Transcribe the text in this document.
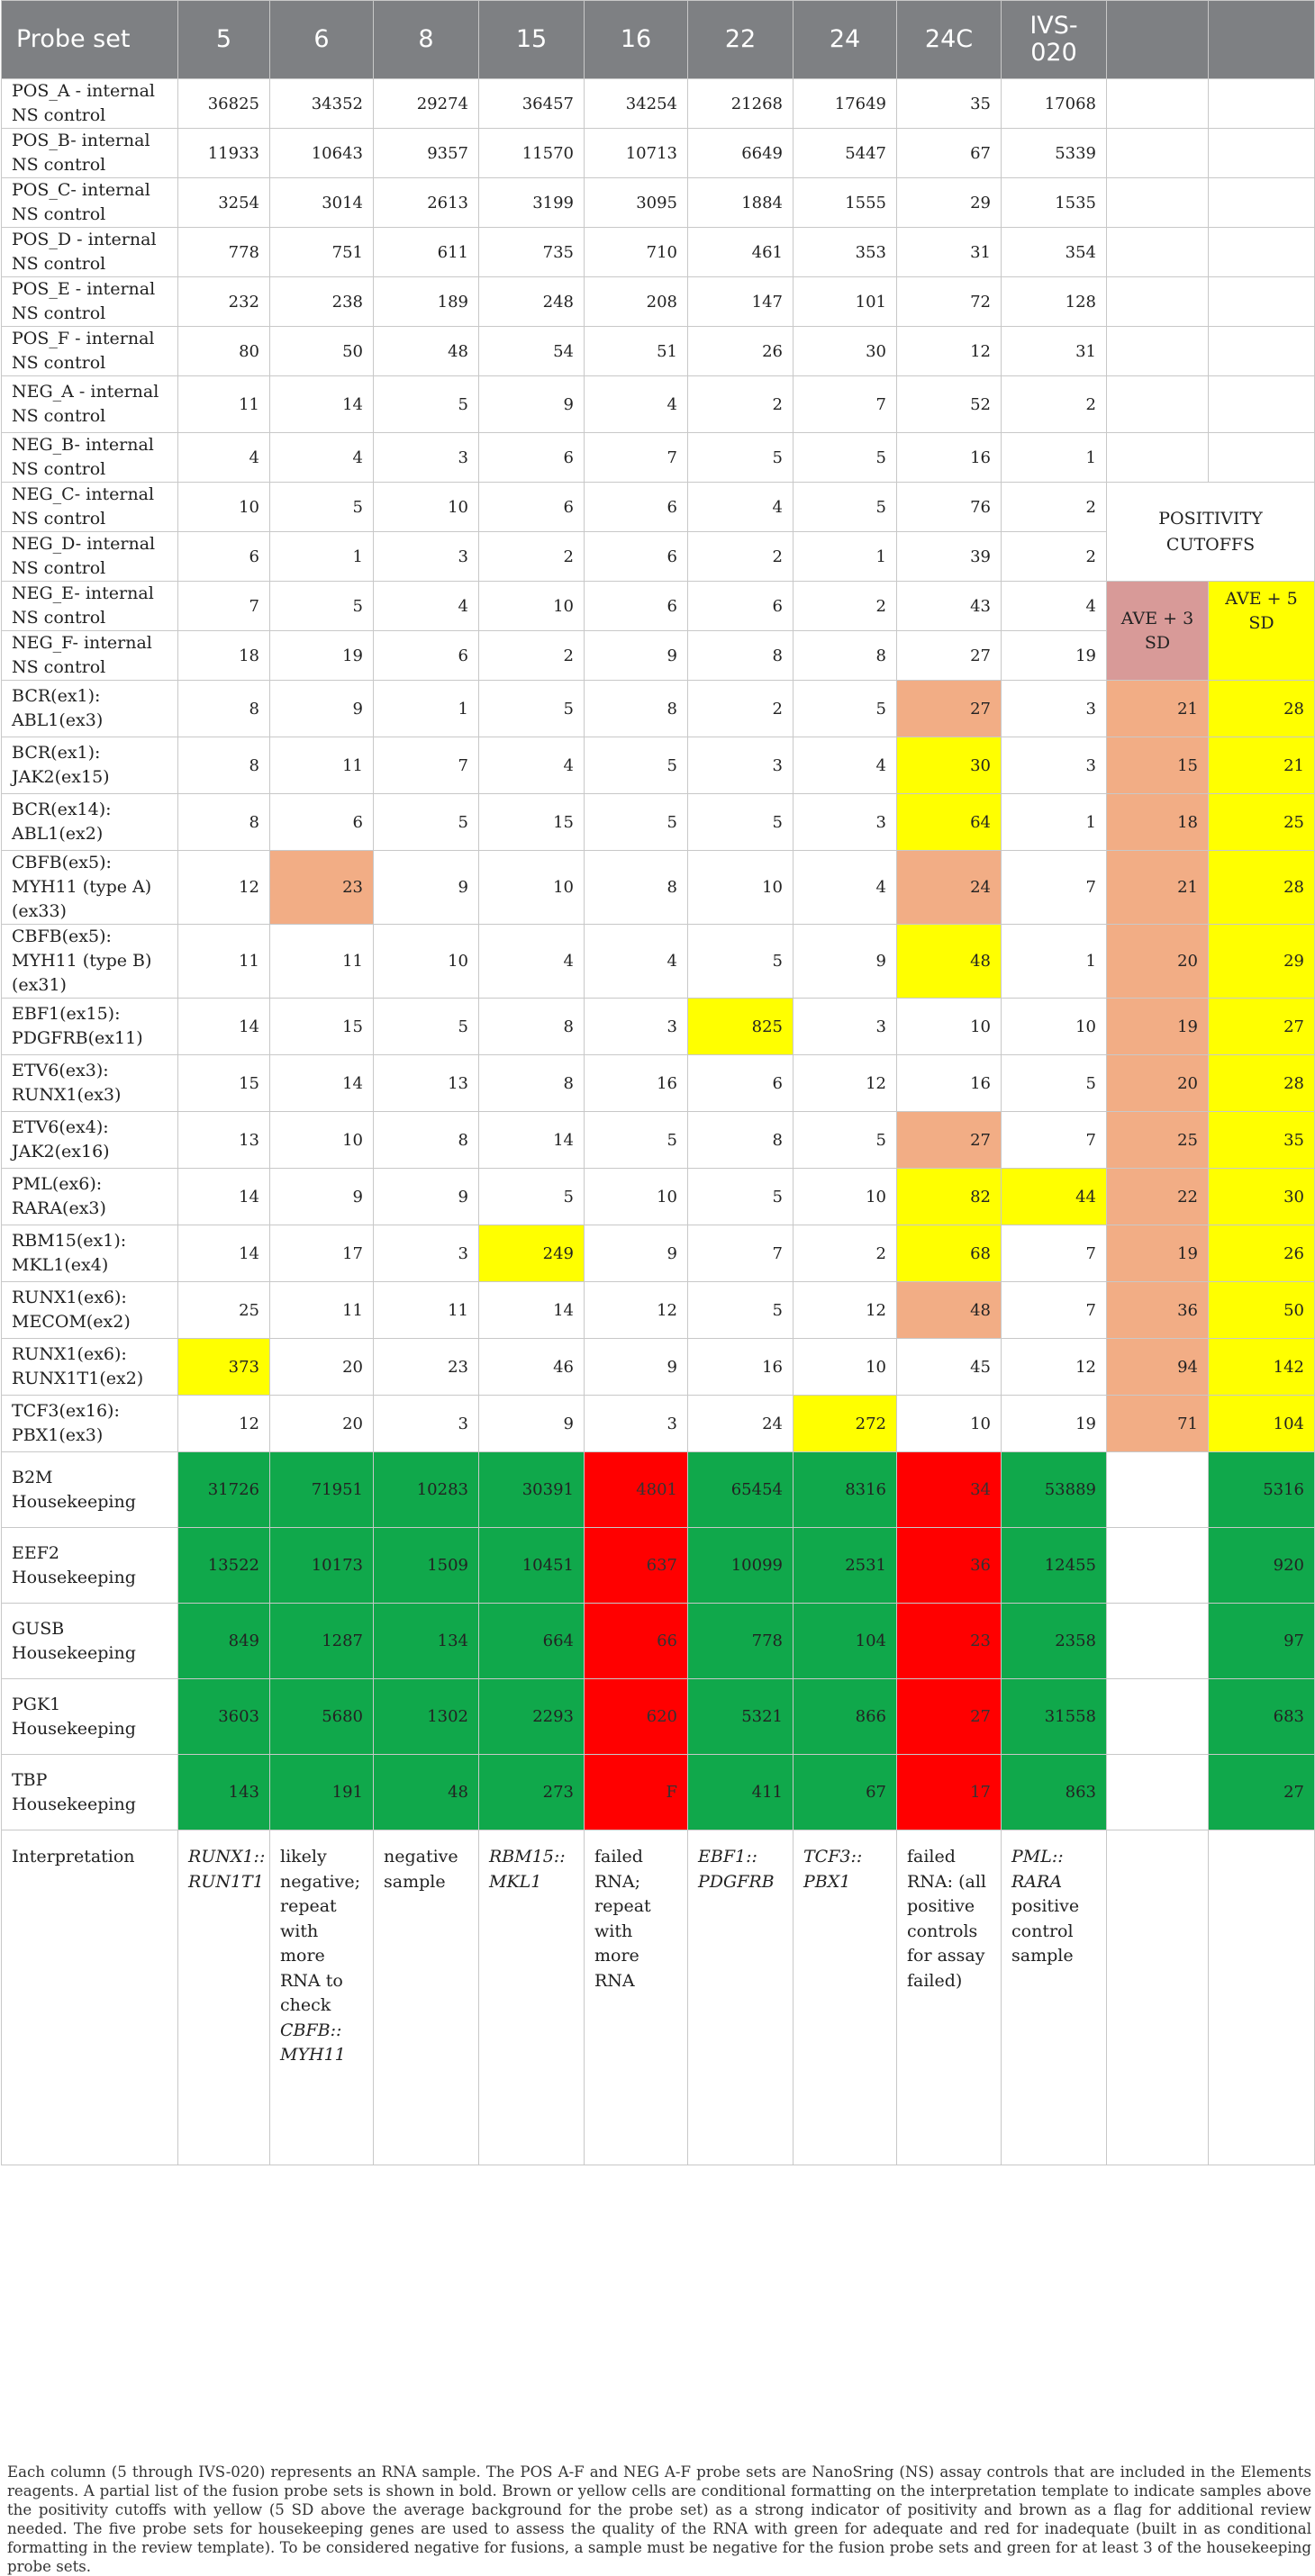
Probe set	5	6	8	15	16	22	24	24C	IVS-020		
POS_A - internal NS control	36825	34352	29274	36457	34254	21268	17649	35	17068		
POS_B- internal NS control	11933	10643	9357	11570	10713	6649	5447	67	5339		
POS_C- internal NS control	3254	3014	2613	3199	3095	1884	1555	29	1535		
POS_D - internal NS control	778	751	611	735	710	461	353	31	354		
POS_E - internal NS control	232	238	189	248	208	147	101	72	128		
POS_F - internal NS control	80	50	48	54	51	26	30	12	31		
NEG_A - internal NS control	11	14	5	9	4	2	7	52	2		
NEG_B- internal NS control	4	4	3	6	7	5	5	16	1		
NEG_C- internal NS control	10	5	10	6	6	4	5	76	2	POSITIVITY CUTOFFS	
NEG_D- internal NS control	6	1	3	2	6	2	1	39	2		
NEG_E- internal NS control	7	5	4	10	6	6	2	43	4	AVE + 3 SD	AVE + 5 SD
NEG_F- internal NS control	18	19	6	2	9	8	8	27	19		
BCR(ex1): ABL1(ex3)	8	9	1	5	8	2	5	27	3	21	28
BCR(ex1): JAK2(ex15)	8	11	7	4	5	3	4	30	3	15	21
BCR(ex14): ABL1(ex2)	8	6	5	15	5	5	3	64	1	18	25
CBFB(ex5): MYH11 (type A)(ex33)	12	23	9	10	8	10	4	24	7	21	28
CBFB(ex5): MYH11 (type B)(ex31)	11	11	10	4	4	5	9	48	1	20	29
EBF1(ex15): PDGFRB(ex11)	14	15	5	8	3	825	3	10	10	19	27
ETV6(ex3): RUNX1(ex3)	15	14	13	8	16	6	12	16	5	20	28
ETV6(ex4): JAK2(ex16)	13	10	8	14	5	8	5	27	7	25	35
PML(ex6): RARA(ex3)	14	9	9	5	10	5	10	82	44	22	30
RBM15(ex1): MKL1(ex4)	14	17	3	249	9	7	2	68	7	19	26
RUNX1(ex6): MECOM(ex2)	25	11	11	14	12	5	12	48	7	36	50
RUNX1(ex6): RUNX1T1(ex2)	373	20	23	46	9	16	10	45	12	94	142
TCF3(ex16): PBX1(ex3)	12	20	3	9	3	24	272	10	19	71	104
B2M Housekeeping	31726	71951	10283	30391	4801	65454	8316	34	53889		5316
EEF2 Housekeeping	13522	10173	1509	10451	637	10099	2531	36	12455		920
GUSB Housekeeping	849	1287	134	664	66	778	104	23	2358		97
PGK1 Housekeeping	3603	5680	1302	2293	620	5321	866	27	31558		683
TBP Housekeeping	143	191	48	273	F	411	67	17	863		27
Interpretation	RUNX1:: RUN1T1	likely negative; repeat with more RNA to check CBFB:: MYH11	negative sample	RBM15:: MKL1	failed RNA; repeat with more RNA	EBF1:: PDGFRB	TCF3:: PBX1	failed RNA: (all positive controls for assay failed)	PML:: RARA positive control sample		
Each column (5 through IVS-020) represents an RNA sample. The POS A-F and NEG A-F probe sets are NanoSring (NS) assay controls that are included in the Elements reagents. A partial list of the fusion probe sets is shown in bold. Brown or yellow cells are conditional formatting on the interpretation template to indicate samples above the positivity cutoffs with yellow (5 SD above the average background for the probe set) as a strong indicator of positivity and brown as a flag for additional review needed. The five probe sets for housekeeping genes are used to assess the quality of the RNA with green for adequate and red for inadequate (built in as conditional formatting in the review template). To be considered negative for fusions, a sample must be negative for the fusion probe sets and green for at least 3 of the housekeeping probe sets.
